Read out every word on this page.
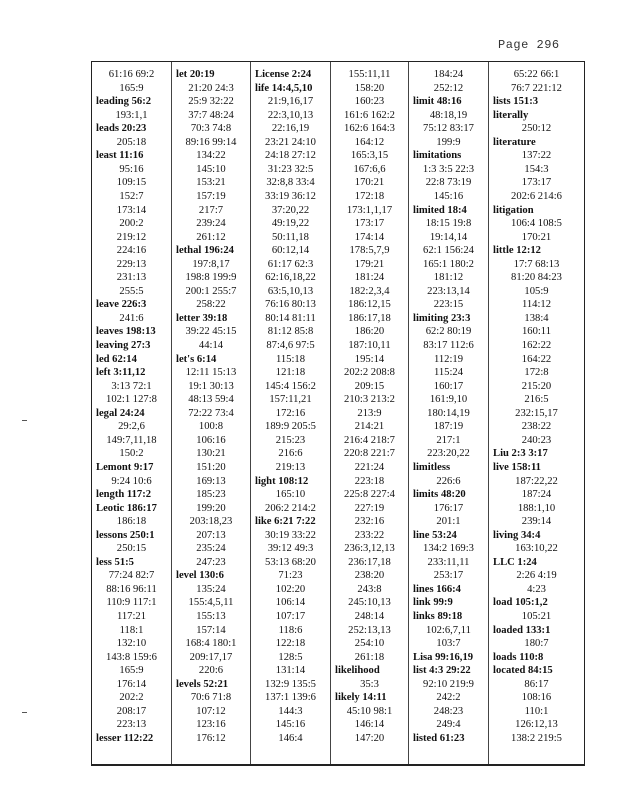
Page 296
61:16 69:2
165:9
leading 56:2
193:1,1
leads 20:23
205:18
least 11:16
95:16
109:15
152:7
173:14
200:2
219:12
224:16
229:13
231:13
255:5
leave 226:3
241:6
leaves 198:13
leaving 27:3
led 62:14
left 3:11,12
3:13 72:1
102:1 127:8
legal 24:24
29:2,6
149:7,11,18
150:2
Lemont 9:17
9:24 10:6
length 117:2
Leotic 186:17
186:18
lessons 250:1
250:15
less 51:5
77:24 82:7
88:16 96:11
110:9 117:1
117:21
118:1
132:10
143:8 159:6
165:9
176:14
202:2
208:17
223:13
lesser 112:22
let 20:19
21:20 24:3
25:9 32:22
37:7 48:24
70:3 74:8
89:16 99:14
134:22
145:10
153:21
157:19
217:7
239:24
261:12
lethal 196:24
197:8,17
198:8 199:9
200:1 255:7
258:22
letter 39:18
39:22 45:15
44:14
let's 6:14
12:11 15:13
19:1 30:13
48:13 59:4
72:22 73:4
100:8
106:16
130:21
151:20
169:13
185:23
199:20
203:18,23
207:13
235:24
247:23
level 130:6
135:24
155:4,5,11
155:13
157:14
168:4 180:1
209:17,17
220:6
levels 52:21
70:6 71:8
107:12
123:16
176:12
License 2:24
life 14:4,5,10
21:9,16,17
22:3,10,13
22:16,19
23:21 24:10
24:18 27:12
31:23 32:5
32:8,8 33:4
33:19 36:12
37:20,22
49:19,22
50:11,18
60:12,14
61:17 62:3
62:16,18,22
63:5,10,13
76:16 80:13
80:14 81:11
81:12 85:8
87:4,6 97:5
115:18
121:18
145:4 156:2
157:11,21
172:16
189:9 205:5
215:23
216:6
219:13
light 108:12
165:10
206:2 214:2
like 6:21 7:22
30:19 33:22
39:12 49:3
53:13 68:20
71:23
102:20
106:14
107:17
118:6
122:18
128:5
131:14
132:9 135:5
137:1 139:6
144:3
145:16
146:4
155:11,11
158:20
160:23
161:6 162:2
162:6 164:3
164:12
165:3,15
167:6,6
170:21
172:18
173:1,1,17
173:17
174:14
178:5,7,9
179:21
181:24
182:2,3,4
186:12,15
186:17,18
186:20
187:10,11
195:14
202:2 208:8
209:15
210:3 213:2
213:9
214:21
216:4 218:7
220:8 221:7
221:24
223:18
225:8 227:4
227:19
232:16
233:22
236:3,12,13
236:17,18
238:20
243:8
245:10,13
248:14
252:13,13
254:10
261:18
likelihood
35:3
likely 14:11
45:10 98:1
146:14
147:20
184:24
252:12
limit 48:16
48:18,19
75:12 83:17
199:9
limitations
1:3 3:5 22:3
22:8 73:19
145:16
limited 18:4
18:15 19:8
19:14,14
62:1 156:24
165:1 180:2
181:12
223:13,14
223:15
limiting 23:3
62:2 80:19
83:17 112:6
112:19
115:24
160:17
161:9,10
180:14,19
187:19
217:1
223:20,22
limitless
226:6
limits 48:20
176:17
201:1
line 53:24
134:2 169:3
233:11,11
253:17
lines 166:4
link 99:9
links 89:18
102:6,7,11
103:7
Lisa 99:16,19
list 4:3 29:22
92:10 219:9
242:2
248:23
249:4
listed 61:23
65:22 66:1
76:7 221:12
lists 151:3
literally
250:12
literature
137:22
154:3
173:17
202:6 214:6
litigation
106:4 108:5
170:21
little 12:12
17:7 68:13
81:20 84:23
105:9
114:12
138:4
160:11
162:22
164:22
172:8
215:20
216:5
232:15,17
238:22
240:23
Liu 2:3 3:17
live 158:11
187:22,22
187:24
188:1,10
239:14
living 34:4
163:10,22
LLC 1:24
2:26 4:19
4:23
load 105:1,2
105:21
loaded 133:1
180:7
loads 110:8
located 84:15
86:17
108:16
110:1
126:12,13
138:2 219:5
